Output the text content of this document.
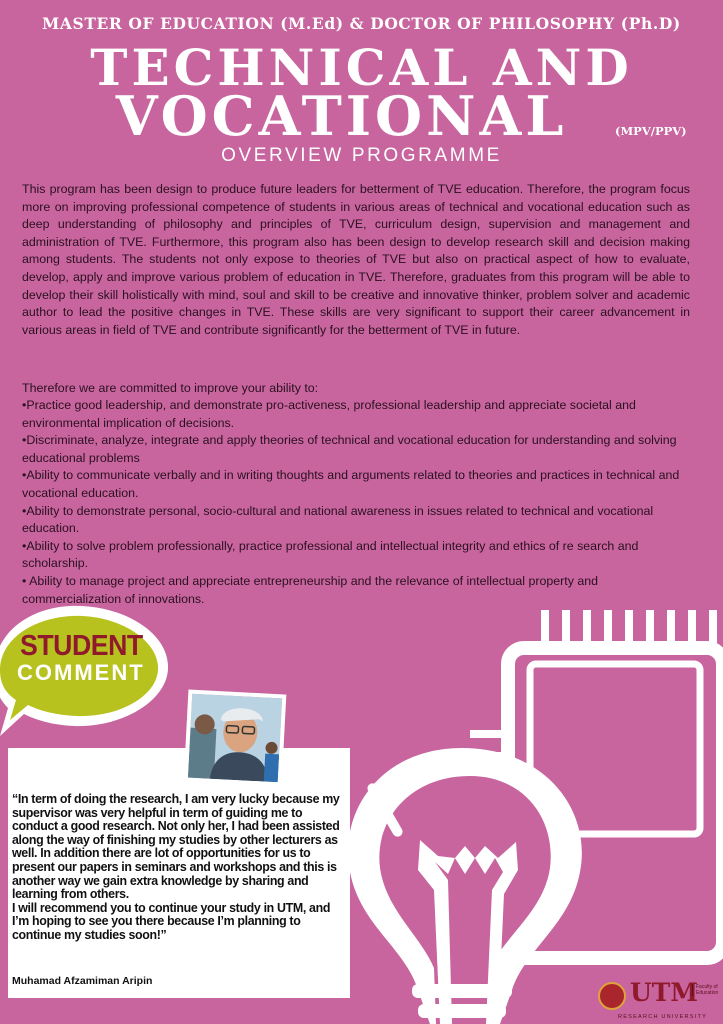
MASTER OF EDUCATION (M.Ed) & DOCTOR OF PHILOSOPHY (Ph.D)
TECHNICAL AND
VOCATIONAL	(MPV/PPV)
OVERVIEW PROGRAMME

This program has been design to produce future leaders for betterment of TVE education. Therefore, the program focus more on improving professional competence of students in various areas of technical and vocational education such as deep understanding of philosophy and principles of TVE, curriculum design, supervision and management and administration of TVE. Furthermore, this program also has been design to develop research skill and decision making among students. The students not only expose to theories of TVE but also on practical aspect of how to evaluate, develop, apply and improve various problem of education in TVE. Therefore, graduates from this program will be able to develop their skill holistically with mind, soul and skill to be creative and innovative thinker, problem solver and academic author to lead the positive changes in TVE. These skills are very significant to support their career advancement in various areas in field of TVE and contribute significantly for the betterment of TVE in future.

Therefore we are committed to improve your ability to:

• Practice good leadership, and demonstrate pro-activeness, professional leadership and appreciate societal and environmental implication of decisions.
• Discriminate, analyze, integrate and apply theories of technical and vocational education for understanding and solving educational problems
• Ability to communicate verbally and in writing thoughts and arguments related to theories and practices in technical and vocational education.
• Ability to demonstrate personal, socio-cultural and national awareness in issues related to technical and vocational education.
• Ability to solve problem professionally, practice professional and intellectual integrity and ethics of re search and scholarship.
• Ability to manage project and appreciate entrepreneurship and the relevance of intellectual property and commercialization of innovations.
STUDENT
COMMENT

“In term of doing the research, I am very lucky because my supervisor was very helpful in term of guiding me to conduct a good research. Not only her, I had been assisted along the way of finishing my studies by other lecturers as well. In addition there are lot of opportunities for us to present our papers in seminars and workshops and this is another way we gain extra knowledge by sharing and learning from others.
I will recommend you to continue your study in UTM, and I’m hoping to see you there because I’m planning to continue my studies soon!”

Muhamad Afzamiman Aripin	UTM
Faculty of Education
RESEARCH UNIVERSITY
